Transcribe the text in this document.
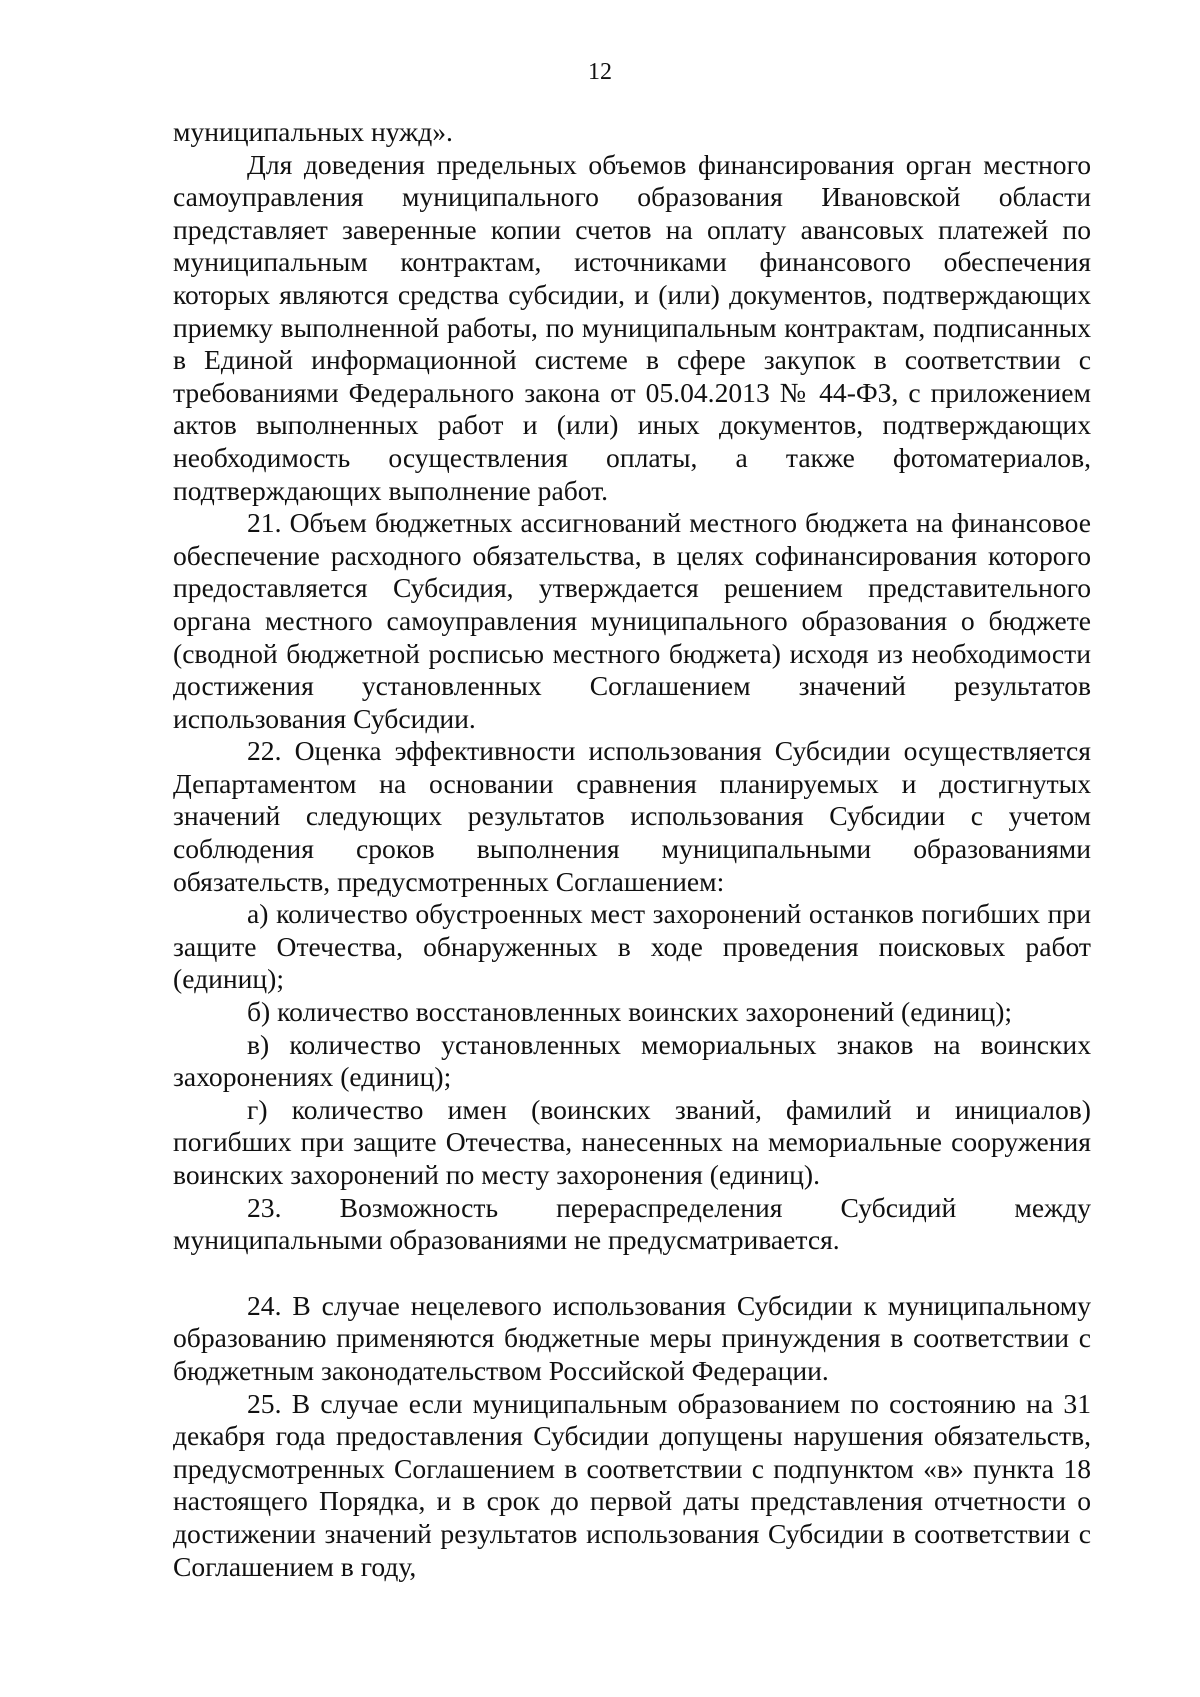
12

муниципальных нужд».

Для доведения предельных объемов финансирования орган местного самоуправления муниципального образования Ивановской области представляет заверенные копии счетов на оплату авансовых платежей по муниципальным контрактам, источниками финансового обеспечения которых являются средства субсидии, и (или) документов, подтверждающих приемку выполненной работы, по муниципальным контрактам, подписанных в Единой информационной системе в сфере закупок в соответствии с требованиями Федерального закона от 05.04.2013 № 44-ФЗ, с приложением актов выполненных работ и (или) иных документов, подтверждающих необходимость осуществления оплаты, а также фотоматериалов, подтверждающих выполнение работ.

21. Объем бюджетных ассигнований местного бюджета на финансовое обеспечение расходного обязательства, в целях софинансирования которого предоставляется Субсидия, утверждается решением представительного органа местного самоуправления муниципального образования о бюджете (сводной бюджетной росписью местного бюджета) исходя из необходимости достижения установленных Соглашением значений результатов использования Субсидии.

22. Оценка эффективности использования Субсидии осуществляется Департаментом на основании сравнения планируемых и достигнутых значений следующих результатов использования Субсидии с учетом соблюдения сроков выполнения муниципальными образованиями обязательств, предусмотренных Соглашением:

а) количество обустроенных мест захоронений останков погибших при защите Отечества, обнаруженных в ходе проведения поисковых работ (единиц);

б) количество восстановленных воинских захоронений (единиц);

в) количество установленных мемориальных знаков на воинских захоронениях (единиц);

г) количество имен (воинских званий, фамилий и инициалов) погибших при защите Отечества, нанесенных на мемориальные сооружения воинских захоронений по месту захоронения (единиц).

23. Возможность перераспределения Субсидий между муниципальными образованиями не предусматривается.

24. В случае нецелевого использования Субсидии к муниципальному образованию применяются бюджетные меры принуждения в соответствии с бюджетным законодательством Российской Федерации.

25. В случае если муниципальным образованием по состоянию на 31 декабря года предоставления Субсидии допущены нарушения обязательств, предусмотренных Соглашением в соответствии с подпунктом «в» пункта 18 настоящего Порядка, и в срок до первой даты представления отчетности о достижении значений результатов использования Субсидии в соответствии с Соглашением в году,
